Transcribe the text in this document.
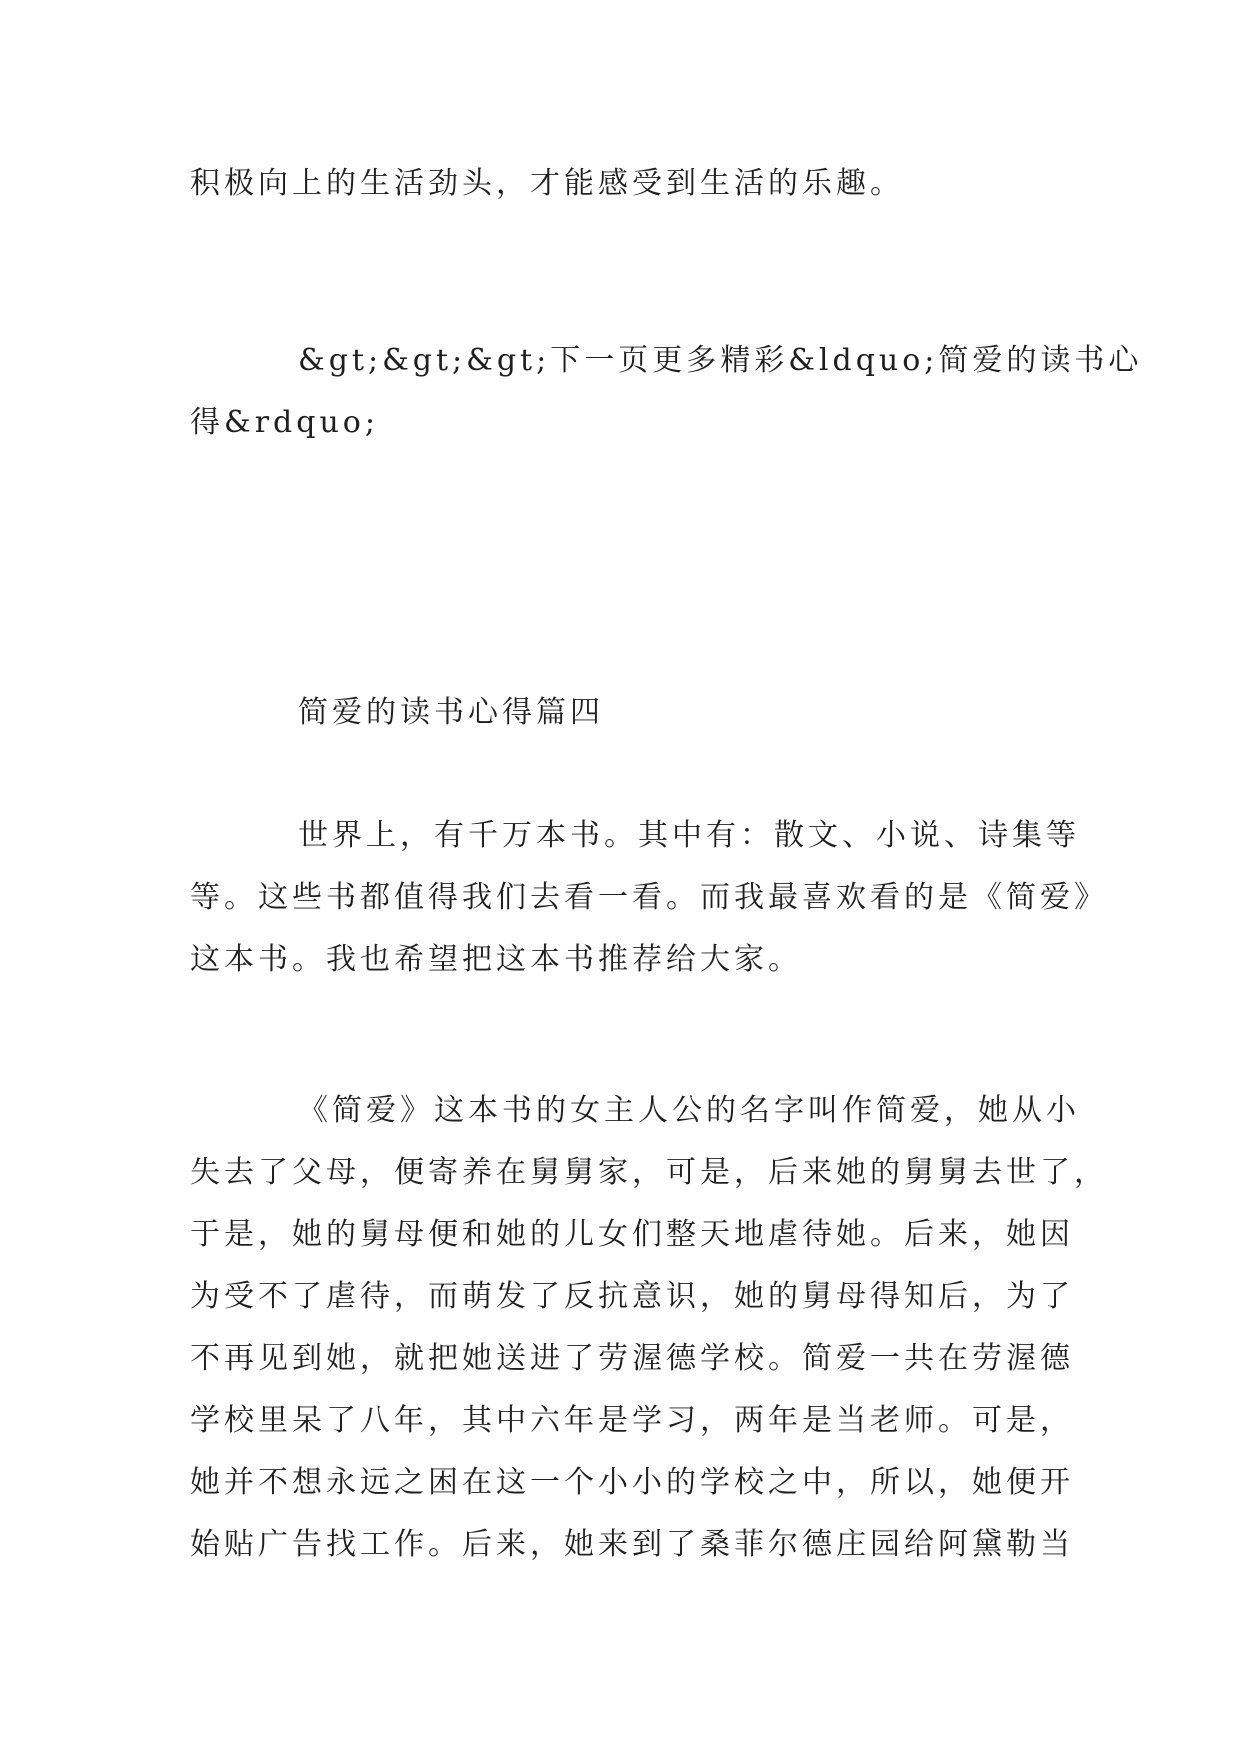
积极向上的生活劲头，才能感受到生活的乐趣。

&gt;&gt;&gt;下一页更多精彩&ldquo;简爱的读书心
得&rdquo;

简爱的读书心得篇四

世界上，有千万本书。其中有：散文、小说、诗集等
等。这些书都值得我们去看一看。而我最喜欢看的是《简爱》
这本书。我也希望把这本书推荐给大家。

《简爱》这本书的女主人公的名字叫作简爱，她从小
失去了父母，便寄养在舅舅家，可是，后来她的舅舅去世了，
于是，她的舅母便和她的儿女们整天地虐待她。后来，她因
为受不了虐待，而萌发了反抗意识，她的舅母得知后，为了
不再见到她，就把她送进了劳渥德学校。简爱一共在劳渥德
学校里呆了八年，其中六年是学习，两年是当老师。可是，
她并不想永远之困在这一个小小的学校之中，所以，她便开
始贴广告找工作。后来，她来到了桑菲尔德庄园给阿黛勒当
